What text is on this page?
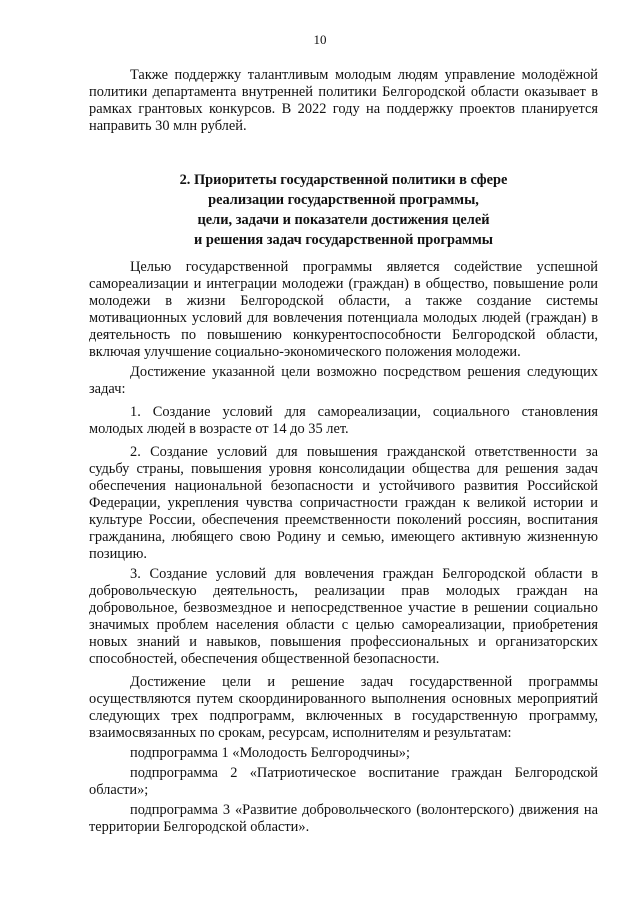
10

Также поддержку талантливым молодым людям управление молодёжной политики департамента внутренней политики Белгородской области оказывает в рамках грантовых конкурсов. В 2022 году на поддержку проектов планируется направить 30 млн рублей.

2. Приоритеты государственной политики в сфере
реализации государственной программы,
цели, задачи и показатели достижения целей
и решения задач государственной программы

Целью государственной программы является содействие успешной самореализации и интеграции молодежи (граждан) в общество, повышение роли молодежи в жизни Белгородской области, а также создание системы мотивационных условий для вовлечения потенциала молодых людей (граждан) в деятельность по повышению конкурентоспособности Белгородской области, включая улучшение социально-экономического положения молодежи.

Достижение указанной цели возможно посредством решения следующих задач:

1. Создание условий для самореализации, социального становления молодых людей в возрасте от 14 до 35 лет.

2. Создание условий для повышения гражданской ответственности за судьбу страны, повышения уровня консолидации общества для решения задач обеспечения национальной безопасности и устойчивого развития Российской Федерации, укрепления чувства сопричастности граждан к великой истории и культуре России, обеспечения преемственности поколений россиян, воспитания гражданина, любящего свою Родину и семью, имеющего активную жизненную позицию.

3. Создание условий для вовлечения граждан Белгородской области в добровольческую деятельность, реализации прав молодых граждан на добровольное, безвозмездное и непосредственное участие в решении социально значимых проблем населения области с целью самореализации, приобретения новых знаний и навыков, повышения профессиональных и организаторских способностей, обеспечения общественной безопасности.

Достижение цели и решение задач государственной программы осуществляются путем скоординированного выполнения основных мероприятий следующих трех подпрограмм, включенных в государственную программу, взаимосвязанных по срокам, ресурсам, исполнителям и результатам:

подпрограмма 1 «Молодость Белгородчины»;

подпрограмма 2 «Патриотическое воспитание граждан Белгородской области»;

подпрограмма 3 «Развитие добровольческого (волонтерского) движения на территории Белгородской области».
